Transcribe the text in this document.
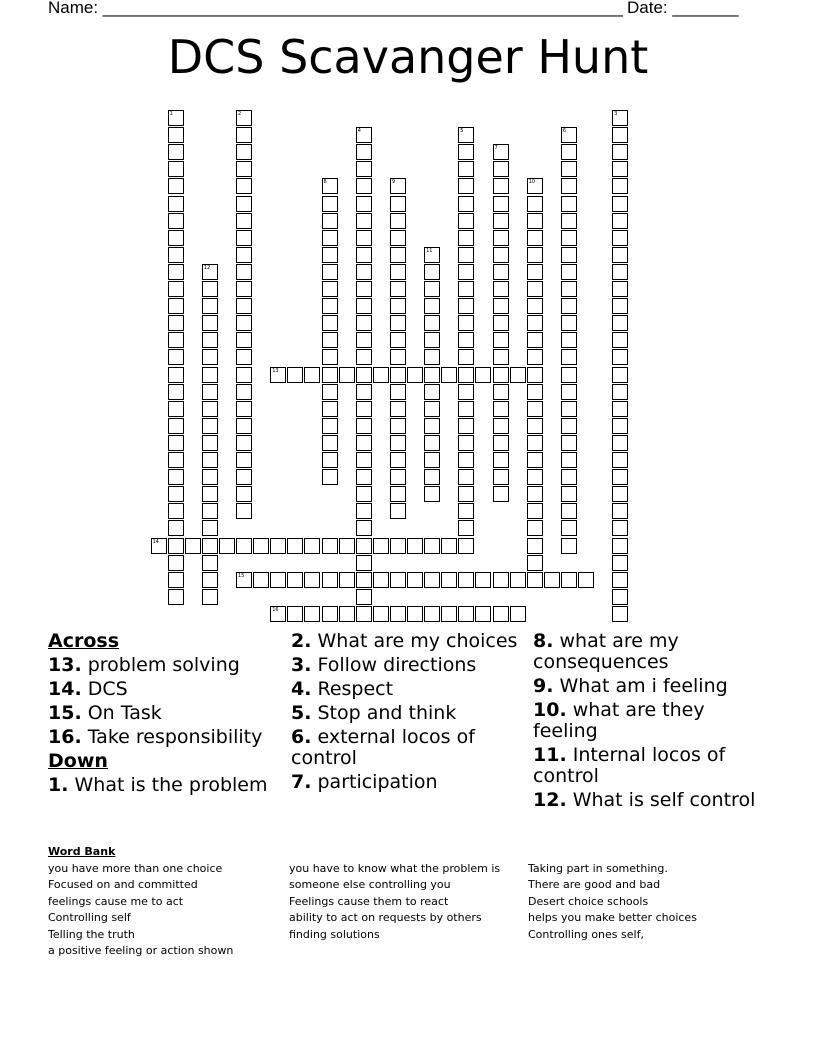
Name: _______________________________________________________ Date: _______
DCS Scavanger Hunt
1	2	3
4	5	6
7
8	9	10
11
12
13
14
15
16
Across
13. problem solving
14. DCS
15. On Task
16. Take responsibility
Down
1. What is the problem
2. What are my choices
3. Follow directions
4. Respect
5. Stop and think
6. external locos of control
7. participation
8. what are my consequences
9. What am i feeling
10. what are they feeling
11. Internal locos of control
12. What is self control
Word Bank
you have more than one choice
Focused on and committed
feelings cause me to act
Controlling self
Telling the truth
a positive feeling or action shown
you have to know what the problem is
someone else controlling you
Feelings cause them to react
ability to act on requests by others
finding solutions
Taking part in something.
There are good and bad
Desert choice schools
helps you make better choices
Controlling ones self,
